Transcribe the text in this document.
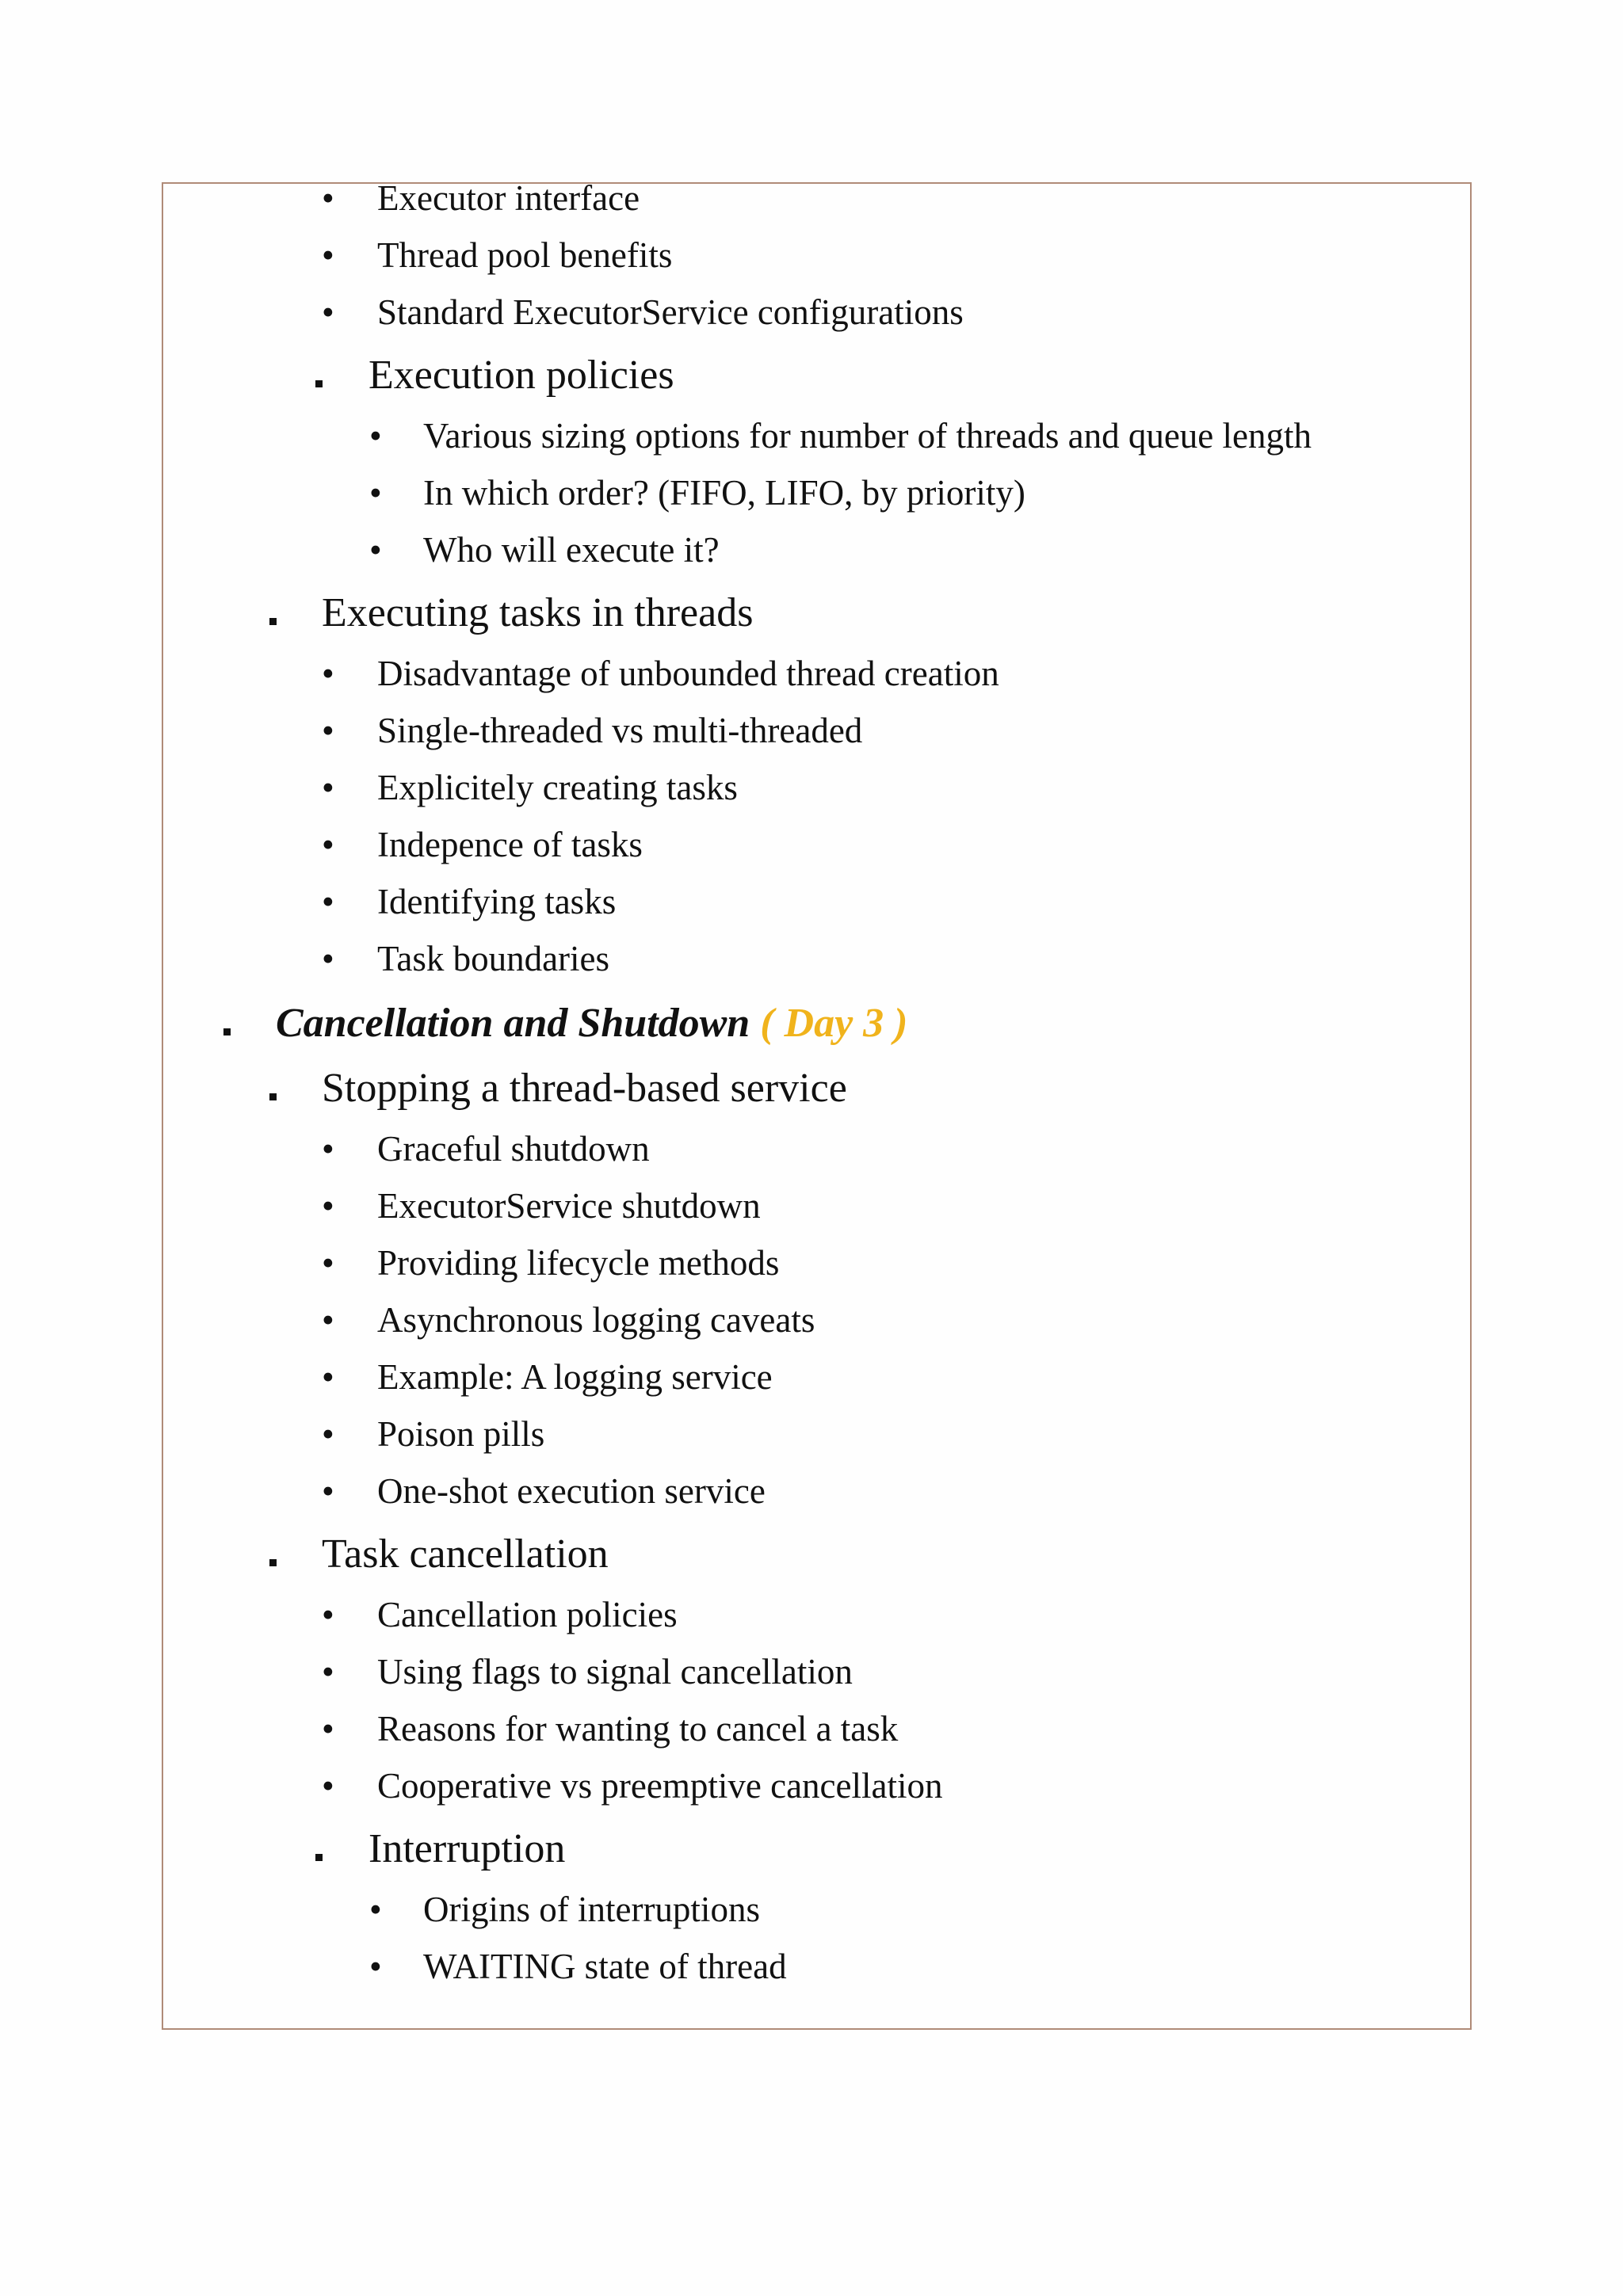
• Executor interface
• Thread pool benefits
• Standard ExecutorService configurations
Execution policies
• Various sizing options for number of threads and queue length
• In which order? (FIFO, LIFO, by priority)
• Who will execute it?
Executing tasks in threads
• Disadvantage of unbounded thread creation
• Single-threaded vs multi-threaded
• Explicitely creating tasks
• Indepence of tasks
• Identifying tasks
• Task boundaries
Cancellation and Shutdown ( Day 3 )
Stopping a thread-based service
• Graceful shutdown
• ExecutorService shutdown
• Providing lifecycle methods
• Asynchronous logging caveats
• Example: A logging service
• Poison pills
• One-shot execution service
Task cancellation
• Cancellation policies
• Using flags to signal cancellation
• Reasons for wanting to cancel a task
• Cooperative vs preemptive cancellation
Interruption
• Origins of interruptions
• WAITING state of thread
